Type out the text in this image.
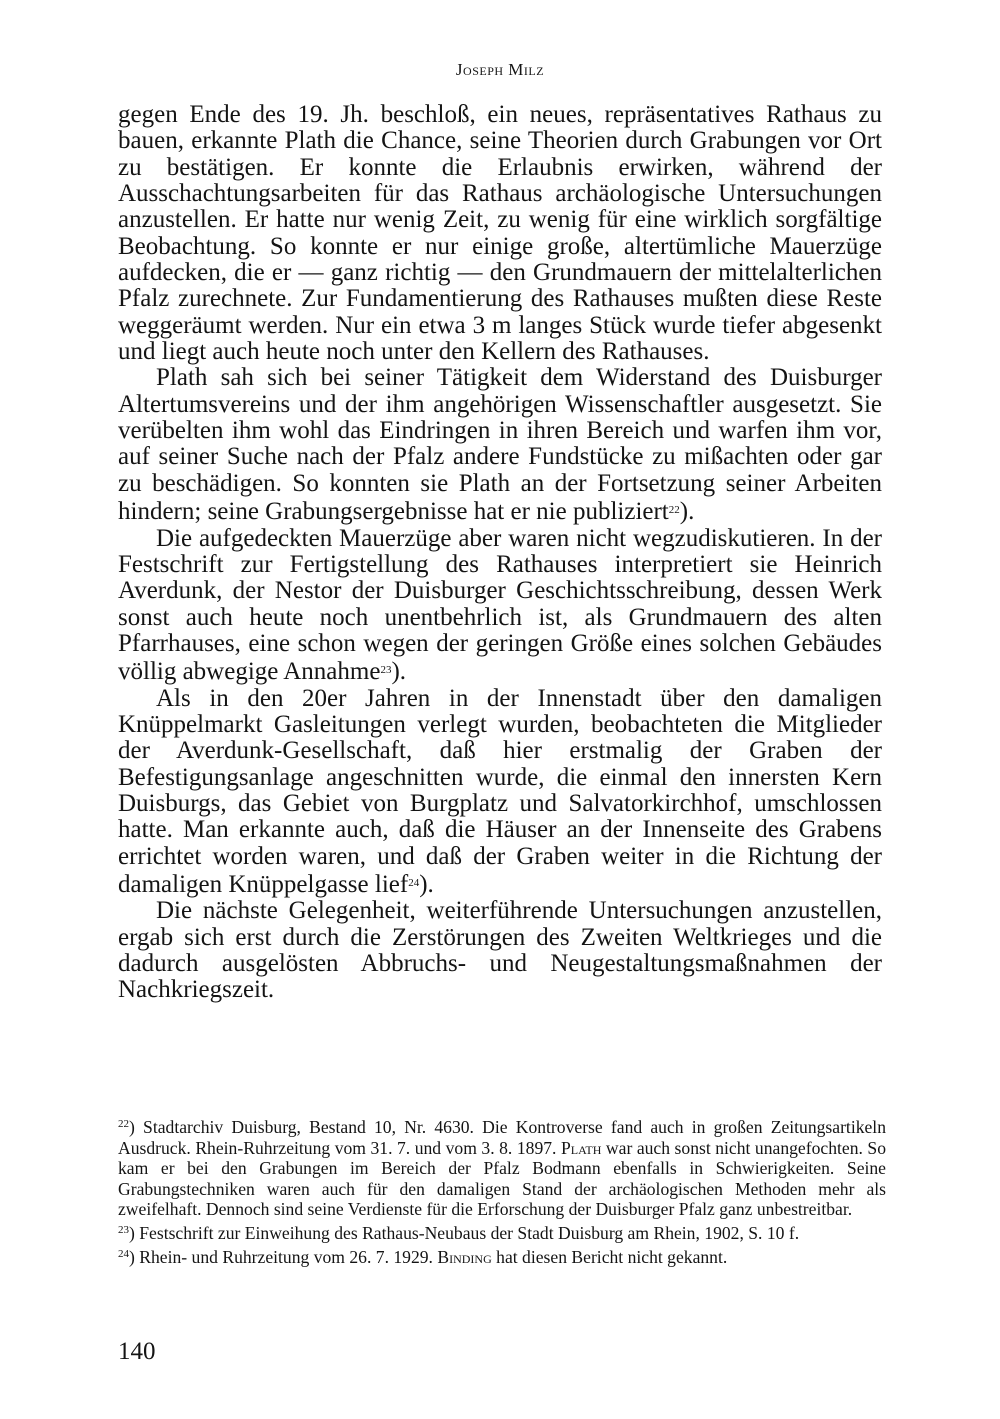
Joseph Milz

gegen Ende des 19. Jh. beschloß, ein neues, repräsentatives Rathaus zu bauen, erkannte Plath die Chance, seine Theorien durch Grabungen vor Ort zu bestätigen. Er konnte die Erlaubnis erwirken, während der Ausschachtungsarbeiten für das Rathaus archäologische Untersuchungen anzustellen. Er hatte nur wenig Zeit, zu wenig für eine wirklich sorgfältige Beobachtung. So konnte er nur einige große, altertümliche Mauerzüge aufdecken, die er — ganz richtig — den Grundmauern der mittelalterlichen Pfalz zurechnete. Zur Fundamentierung des Rathauses mußten diese Reste weggeräumt werden. Nur ein etwa 3 m langes Stück wurde tiefer abgesenkt und liegt auch heute noch unter den Kellern des Rathauses.

Plath sah sich bei seiner Tätigkeit dem Widerstand des Duisburger Altertumsvereins und der ihm angehörigen Wissenschaftler ausgesetzt. Sie verübelten ihm wohl das Eindringen in ihren Bereich und warfen ihm vor, auf seiner Suche nach der Pfalz andere Fundstücke zu mißachten oder gar zu beschädigen. So konnten sie Plath an der Fortsetzung seiner Arbeiten hindern; seine Grabungsergebnisse hat er nie publiziert$^{22}$).

Die aufgedeckten Mauerzüge aber waren nicht wegzudiskutieren. In der Festschrift zur Fertigstellung des Rathauses interpretiert sie Heinrich Averdunk, der Nestor der Duisburger Geschichtsschreibung, dessen Werk sonst auch heute noch unentbehrlich ist, als Grundmauern des alten Pfarrhauses, eine schon wegen der geringen Größe eines solchen Gebäudes völlig abwegige Annahme$^{23}$).

Als in den 20er Jahren in der Innenstadt über den damaligen Knüppelmarkt Gasleitungen verlegt wurden, beobachteten die Mitglieder der Averdunk-Gesellschaft, daß hier erstmalig der Graben der Befestigungsanlage angeschnitten wurde, die einmal den innersten Kern Duisburgs, das Gebiet von Burgplatz und Salvatorkirchhof, umschlossen hatte. Man erkannte auch, daß die Häuser an der Innenseite des Grabens errichtet worden waren, und daß der Graben weiter in die Richtung der damaligen Knüppelgasse lief$^{24}$).

Die nächste Gelegenheit, weiterführende Untersuchungen anzustellen, ergab sich erst durch die Zerstörungen des Zweiten Weltkrieges und die dadurch ausgelösten Abbruchs- und Neugestaltungsmaßnahmen der Nachkriegszeit.

$^{22}$) Stadtarchiv Duisburg, Bestand 10, Nr. 4630. Die Kontroverse fand auch in großen Zeitungsartikeln Ausdruck. Rhein-Ruhrzeitung vom 31. 7. und vom 3. 8. 1897. Plath war auch sonst nicht unangefochten. So kam er bei den Grabungen im Bereich der Pfalz Bodmann ebenfalls in Schwierigkeiten. Seine Grabungstechniken waren auch für den damaligen Stand der archäologischen Methoden mehr als zweifelhaft. Dennoch sind seine Verdienste für die Erforschung der Duisburger Pfalz ganz unbestreitbar.

$^{23}$) Festschrift zur Einweihung des Rathaus-Neubaus der Stadt Duisburg am Rhein, 1902, S. 10 f.

$^{24}$) Rhein- und Ruhrzeitung vom 26. 7. 1929. Binding hat diesen Bericht nicht gekannt.

140
